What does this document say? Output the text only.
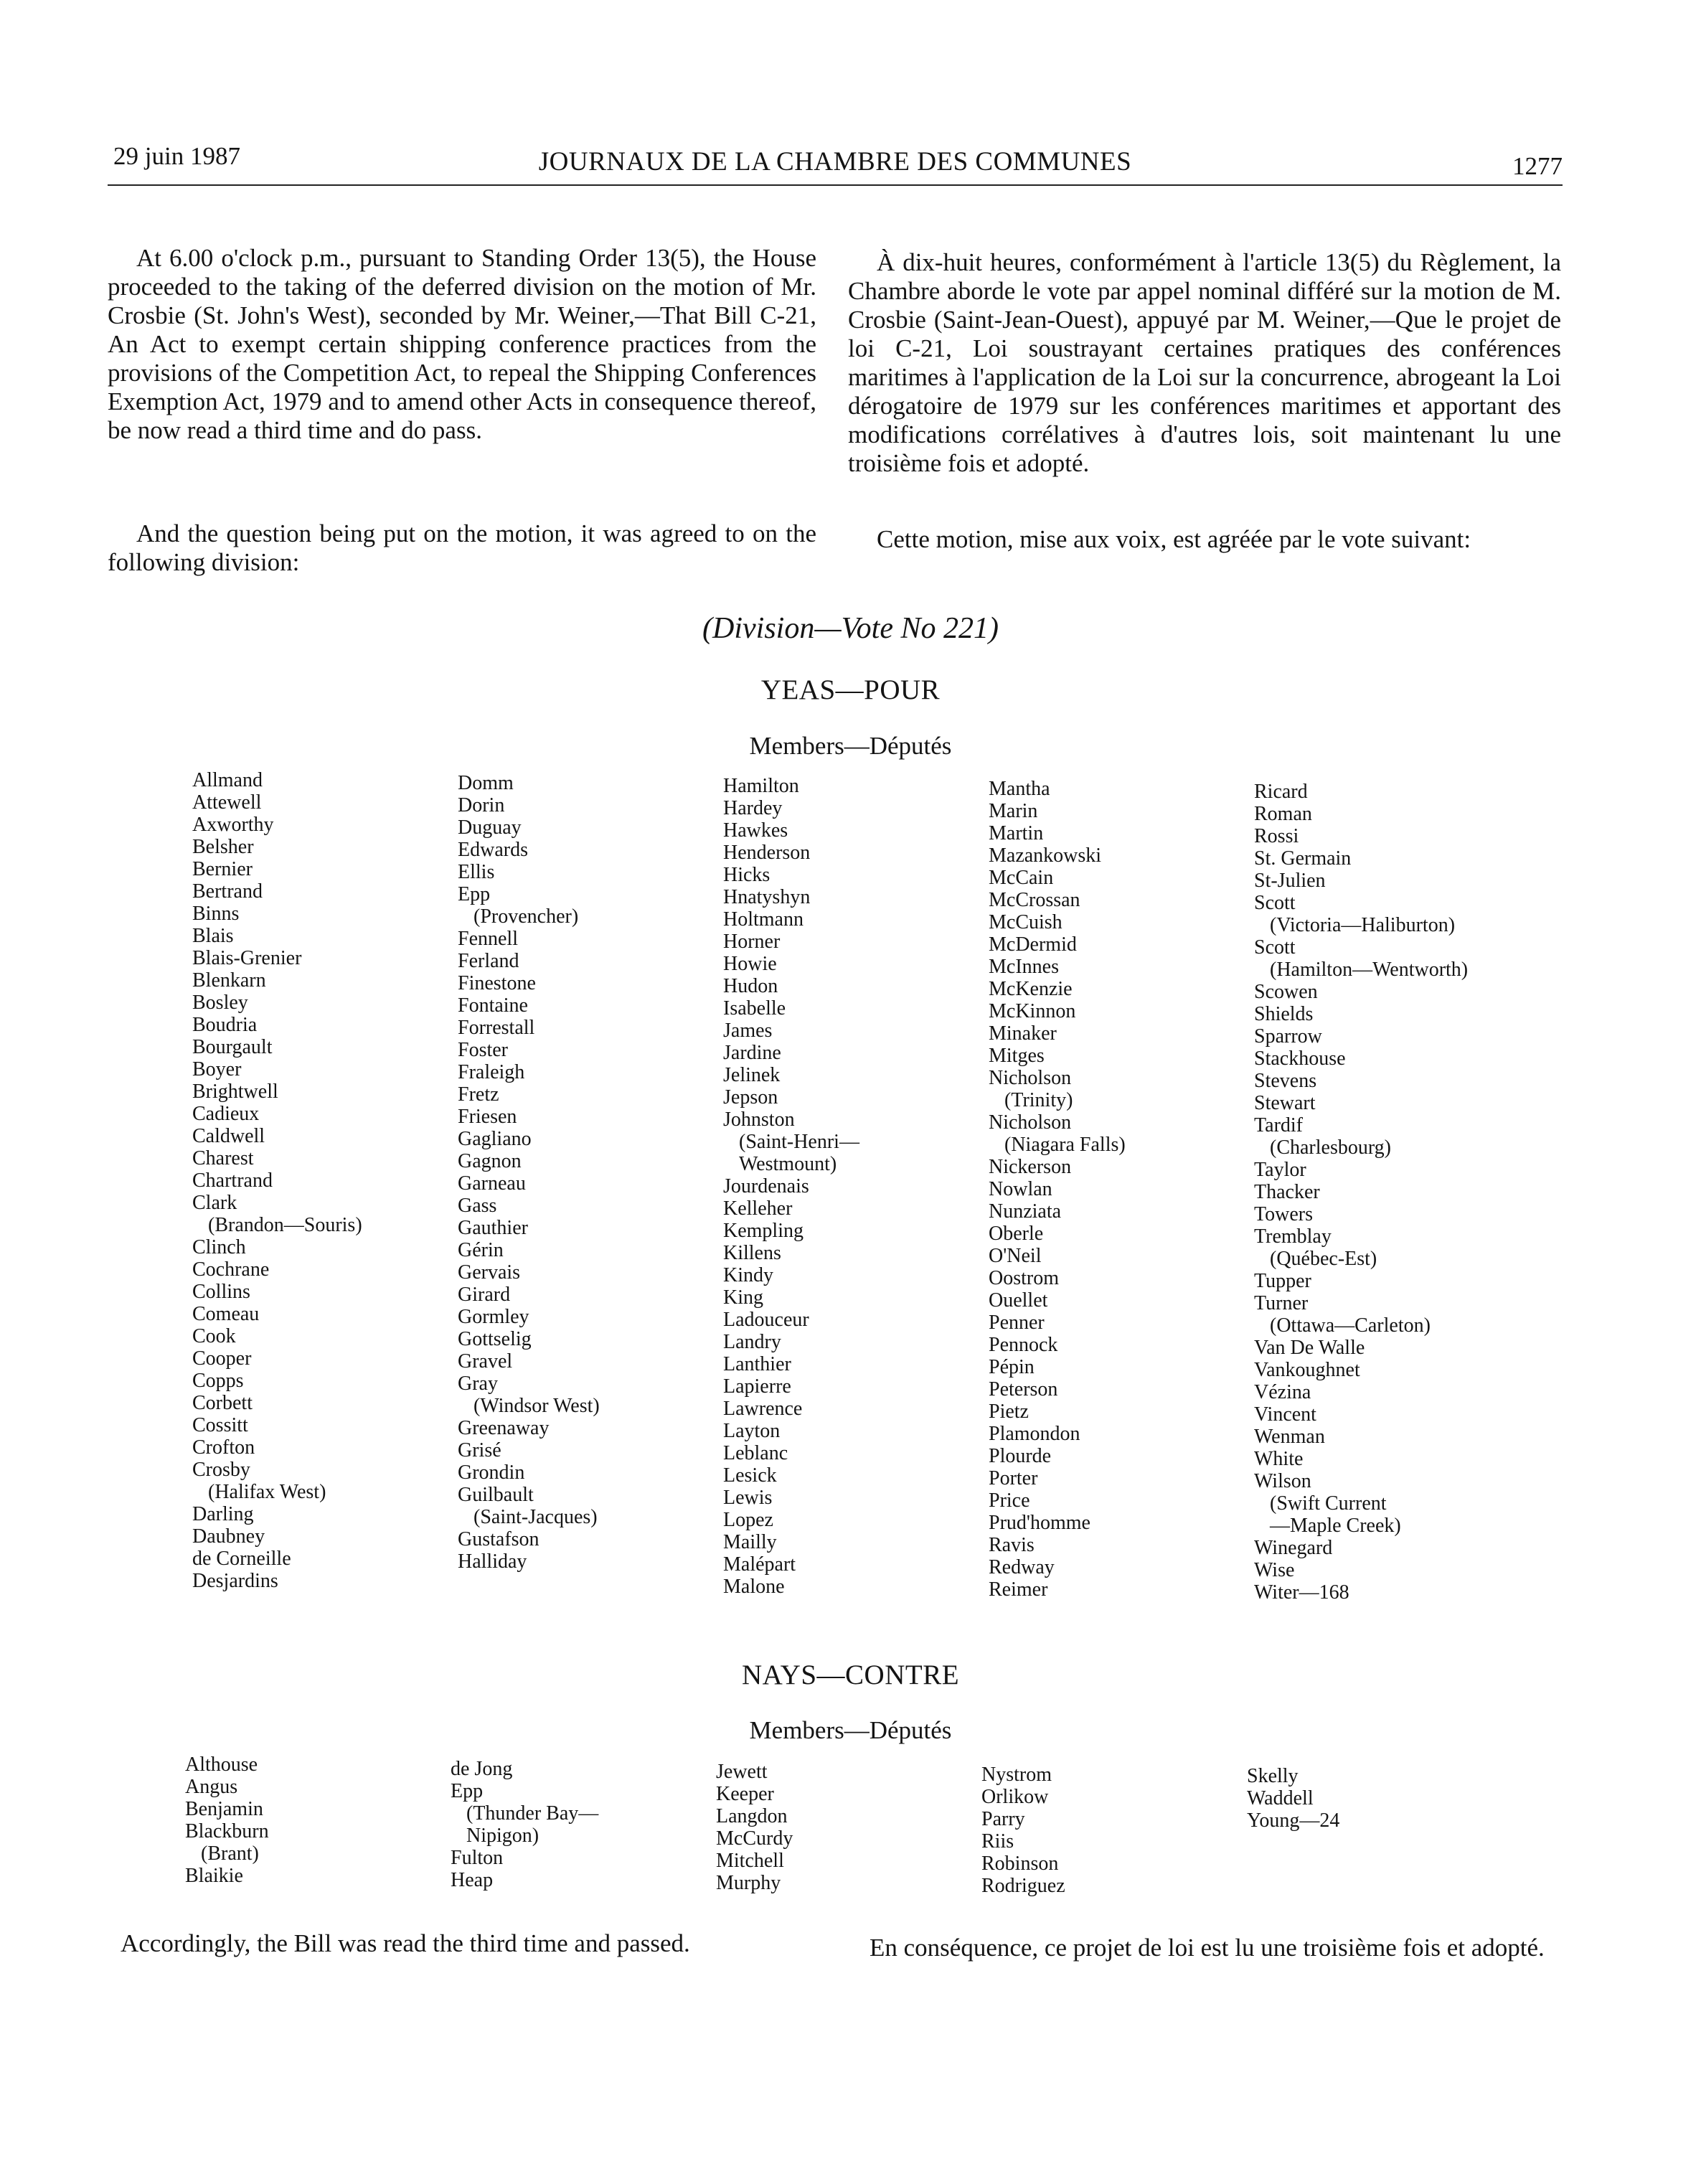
29 juin 1987	JOURNAUX DE LA CHAMBRE DES COMMUNES	1277
At 6.00 o'clock p.m., pursuant to Standing Order 13(5), the House proceeded to the taking of the deferred division on the motion of Mr. Crosbie (St. John's West), seconded by Mr. Weiner,—That Bill C-21, An Act to exempt certain shipping conference practices from the provisions of the Competition Act, to repeal the Shipping Conferences Exemption Act, 1979 and to amend other Acts in consequence thereof, be now read a third time and do pass.
À dix-huit heures, conformément à l'article 13(5) du Règlement, la Chambre aborde le vote par appel nominal différé sur la motion de M. Crosbie (Saint-Jean-Ouest), appuyé par M. Weiner,—Que le projet de loi C-21, Loi soustrayant certaines pratiques des conférences maritimes à l'application de la Loi sur la concurrence, abrogeant la Loi dérogatoire de 1979 sur les conférences maritimes et apportant des modifications corrélatives à d'autres lois, soit maintenant lu une troisième fois et adopté.
And the question being put on the motion, it was agreed to on the following division:
Cette motion, mise aux voix, est agréée par le vote suivant:
(Division—Vote No 221)
YEAS—POUR
Members—Députés
Allmand
Attewell
Axworthy
Belsher
Bernier
Bertrand
Binns
Blais
Blais-Grenier
Blenkarn
Bosley
Boudria
Bourgault
Boyer
Brightwell
Cadieux
Caldwell
Charest
Chartrand
Clark
(Brandon—Souris)
Clinch
Cochrane
Collins
Comeau
Cook
Cooper
Copps
Corbett
Cossitt
Crofton
Crosby
(Halifax West)
Darling
Daubney
de Corneille
Desjardins
Domm
Dorin
Duguay
Edwards
Ellis
Epp
(Provencher)
Fennell
Ferland
Finestone
Fontaine
Forrestall
Foster
Fraleigh
Fretz
Friesen
Gagliano
Gagnon
Garneau
Gass
Gauthier
Gérin
Gervais
Girard
Gormley
Gottselig
Gravel
Gray
(Windsor West)
Greenaway
Grisé
Grondin
Guilbault
(Saint-Jacques)
Gustafson
Halliday
Hamilton
Hardey
Hawkes
Henderson
Hicks
Hnatyshyn
Holtmann
Horner
Howie
Hudon
Isabelle
James
Jardine
Jelinek
Jepson
Johnston
(Saint-Henri—
Westmount)
Jourdenais
Kelleher
Kempling
Killens
Kindy
King
Ladouceur
Landry
Lanthier
Lapierre
Lawrence
Layton
Leblanc
Lesick
Lewis
Lopez
Mailly
Malépart
Malone
Mantha
Marin
Martin
Mazankowski
McCain
McCrossan
McCuish
McDermid
McInnes
McKenzie
McKinnon
Minaker
Mitges
Nicholson
(Trinity)
Nicholson
(Niagara Falls)
Nickerson
Nowlan
Nunziata
Oberle
O'Neil
Oostrom
Ouellet
Penner
Pennock
Pépin
Peterson
Pietz
Plamondon
Plourde
Porter
Price
Prud'homme
Ravis
Redway
Reimer
Ricard
Roman
Rossi
St. Germain
St-Julien
Scott
(Victoria—Haliburton)
Scott
(Hamilton—Wentworth)
Scowen
Shields
Sparrow
Stackhouse
Stevens
Stewart
Tardif
(Charlesbourg)
Taylor
Thacker
Towers
Tremblay
(Québec-Est)
Tupper
Turner
(Ottawa—Carleton)
Van De Walle
Vankoughnet
Vézina
Vincent
Wenman
White
Wilson
(Swift Current
—Maple Creek)
Winegard
Wise
Witer—168
NAYS—CONTRE
Members—Députés
Althouse
Angus
Benjamin
Blackburn
(Brant)
Blaikie
de Jong
Epp
(Thunder Bay—
Nipigon)
Fulton
Heap
Jewett
Keeper
Langdon
McCurdy
Mitchell
Murphy
Nystrom
Orlikow
Parry
Riis
Robinson
Rodriguez
Skelly
Waddell
Young—24
Accordingly, the Bill was read the third time and passed.	En conséquence, ce projet de loi est lu une troisième fois et adopté.
